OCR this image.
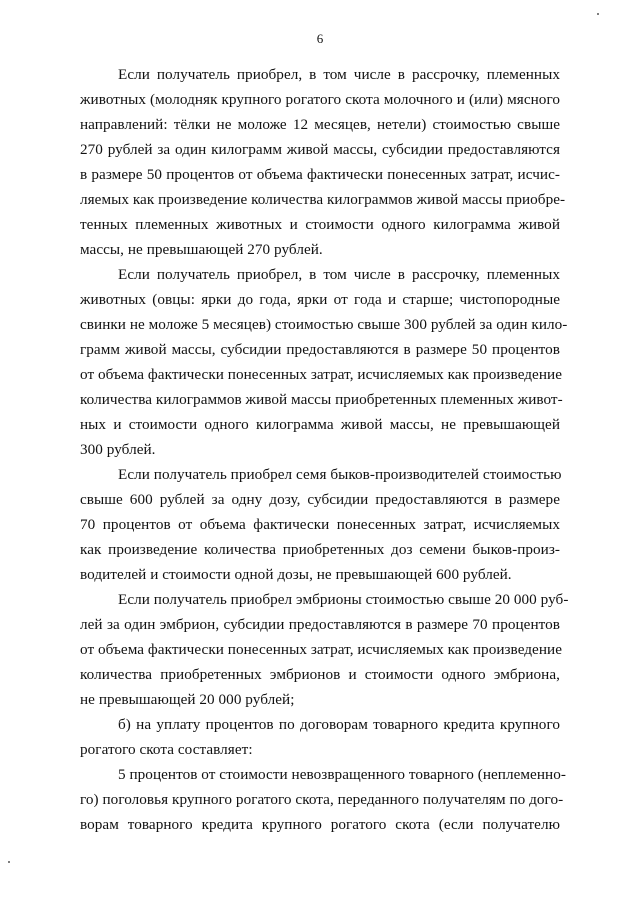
6
Если получатель приобрел, в том числе в рассрочку, племенных
животных (молодняк крупного рогатого скота молочного и (или) мясного
направлений: тёлки не моложе 12 месяцев, нетели) стоимостью свыше
270 рублей за один килограмм живой массы, субсидии предоставляются
в размере 50 процентов от объема фактически понесенных затрат, исчис-
ляемых как произведение количества килограммов живой массы приобре-
тенных племенных животных и стоимости одного килограмма живой
массы, не превышающей 270 рублей.
Если получатель приобрел, в том числе в рассрочку, племенных
животных (овцы: ярки до года, ярки от года и старше; чистопородные
свинки не моложе 5 месяцев) стоимостью свыше 300 рублей за один кило-
грамм живой массы, субсидии предоставляются в размере 50 процентов
от объема фактически понесенных затрат, исчисляемых как произведение
количества килограммов живой массы приобретенных племенных живот-
ных и стоимости одного килограмма живой массы, не превышающей
300 рублей.
Если получатель приобрел семя быков-производителей стоимостью
свыше 600 рублей за одну дозу, субсидии предоставляются в размере
70 процентов от объема фактически понесенных затрат, исчисляемых
как произведение количества приобретенных доз семени быков-произ-
водителей и стоимости одной дозы, не превышающей 600 рублей.
Если получатель приобрел эмбрионы стоимостью свыше 20 000 руб-
лей за один эмбрион, субсидии предоставляются в размере 70 процентов
от объема фактически понесенных затрат, исчисляемых как произведение
количества приобретенных эмбрионов и стоимости одного эмбриона,
не превышающей 20 000 рублей;
б) на уплату процентов по договорам товарного кредита крупного
рогатого скота составляет:
5 процентов от стоимости невозвращенного товарного (неплеменно-
го) поголовья крупного рогатого скота, переданного получателям по дого-
ворам товарного кредита крупного рогатого скота (если получателю
